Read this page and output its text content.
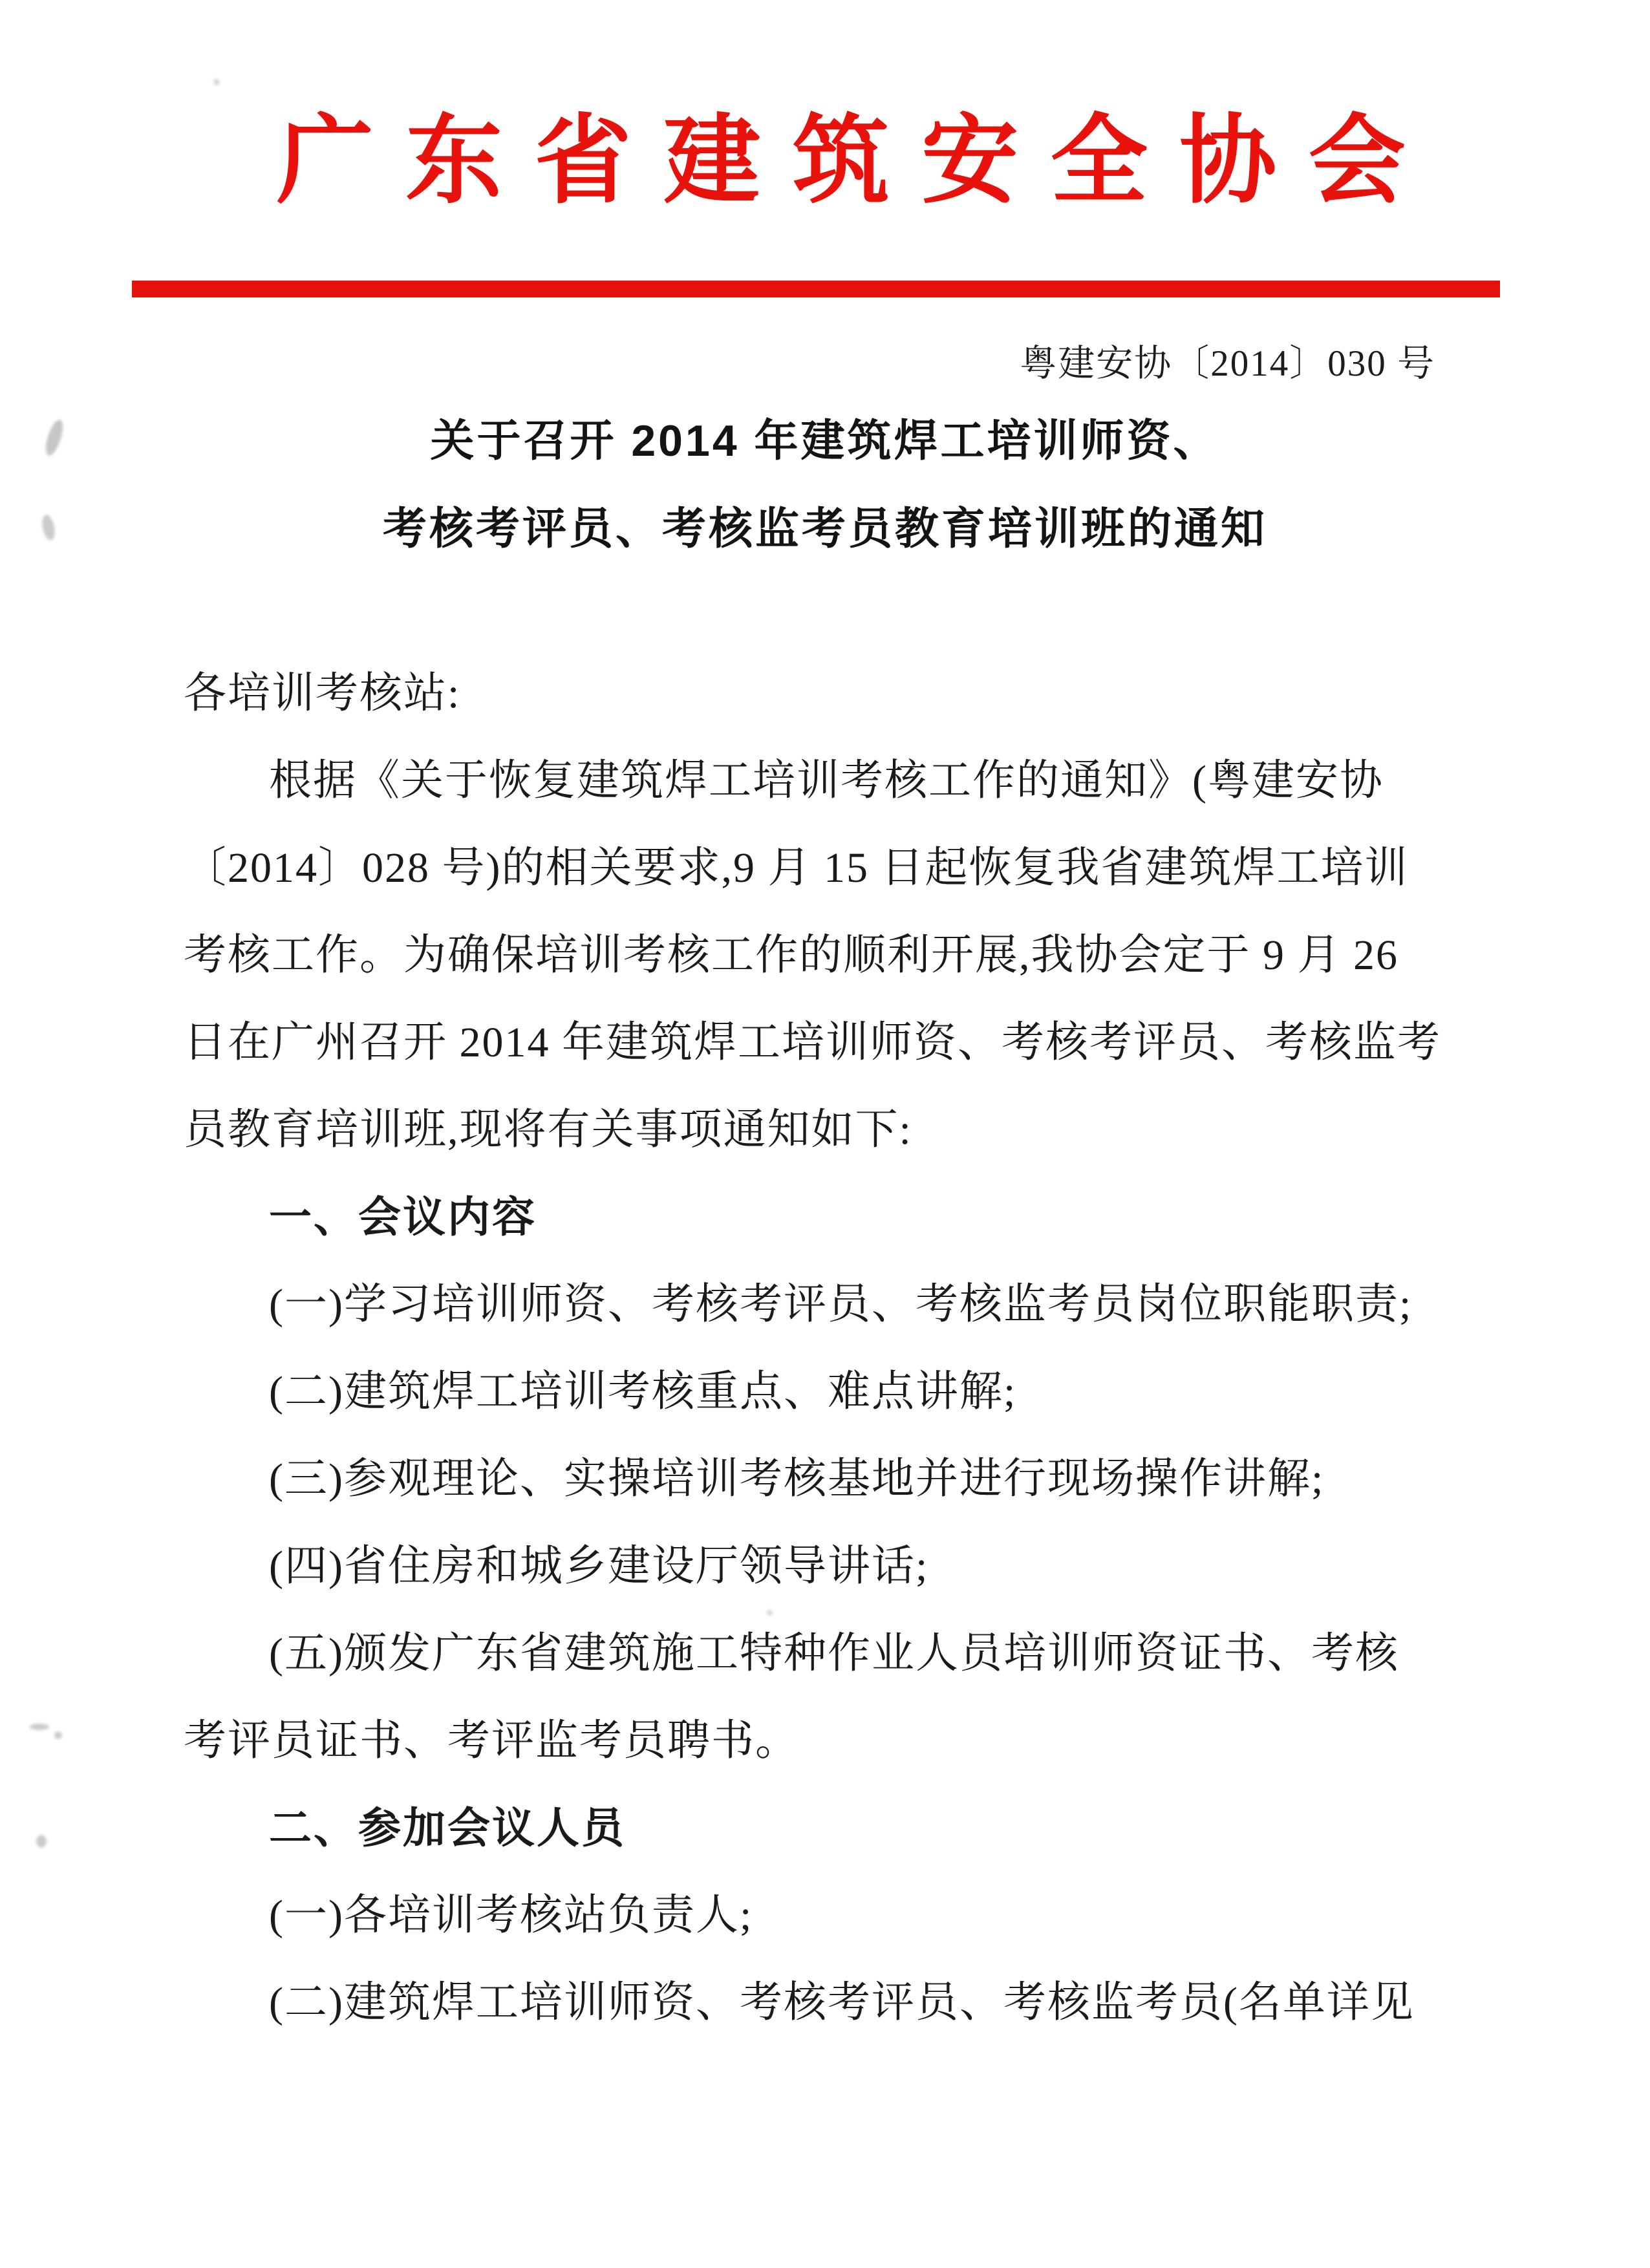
广东省建筑安全协会
粤建安协〔2014〕030 号
关于召开 2014 年建筑焊工培训师资、
考核考评员、考核监考员教育培训班的通知
各培训考核站:
根据《关于恢复建筑焊工培训考核工作的通知》(粤建安协
〔2014〕028 号)的相关要求,9 月 15 日起恢复我省建筑焊工培训
考核工作。为确保培训考核工作的顺利开展,我协会定于 9 月 26
日在广州召开 2014 年建筑焊工培训师资、考核考评员、考核监考
员教育培训班,现将有关事项通知如下:
一、会议内容
(一)学习培训师资、考核考评员、考核监考员岗位职能职责;
(二)建筑焊工培训考核重点、难点讲解;
(三)参观理论、实操培训考核基地并进行现场操作讲解;
(四)省住房和城乡建设厅领导讲话;
(五)颁发广东省建筑施工特种作业人员培训师资证书、考核
考评员证书、考评监考员聘书。
二、参加会议人员
(一)各培训考核站负责人;
(二)建筑焊工培训师资、考核考评员、考核监考员(名单详见
